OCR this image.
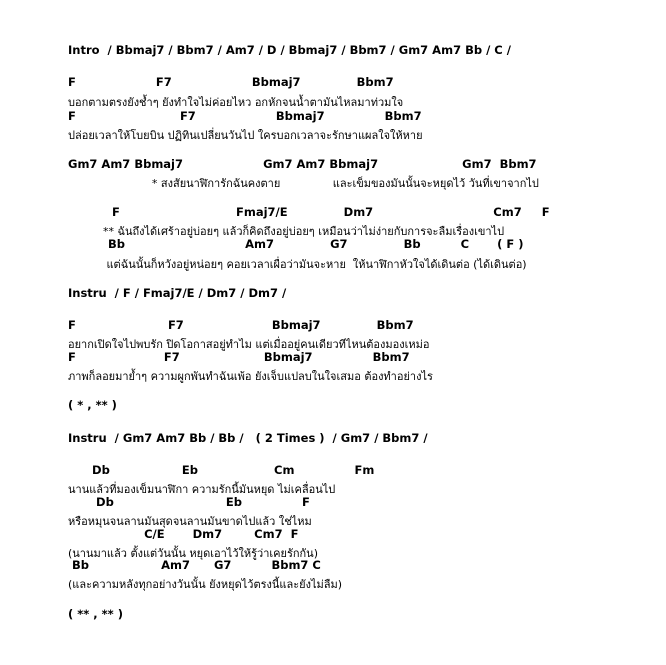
Intro  / Bbmaj7 / Bbm7 / Am7 / D / Bbmaj7 / Bbm7 / Gm7 Am7 Bb / C /
F                    F7                    Bbmaj7              Bbm7
บอกตามตรงยังช้ำๆ ยังทำใจไม่ค่อยไหว อกหักจนน้ำตามันไหลมาท่วมใจ
F                          F7                    Bbmaj7               Bbm7
ปล่อยเวลาให้โบยบิน ปฏิทินเปลี่ยนวันไป ใครบอกเวลาจะรักษาแผลใจให้หาย
Gm7 Am7 Bbmaj7                    Gm7 Am7 Bbmaj7                     Gm7  Bbm7
* สงสัยนาฬิการักฉันคงตาย               และเข็มของมันนั้นจะหยุดไว้ วันที่เขาจากไป
F                             Fmaj7/E              Dm7                              Cm7     F
** ฉันถึงได้เศร้าอยู่บ่อยๆ แล้วก็คิดถึงอยู่บ่อยๆ เหมือนว่าไม่ง่ายกับการจะลืมเรื่องเขาไป
Bb                              Am7              G7              Bb          C       ( F )
แต่ฉันนั้นก็หวังอยู่หน่อยๆ คอยเวลาเผื่อว่ามันจะหาย  ให้นาฬิกาหัวใจได้เดินต่อ (ได้เดินต่อ)
Instru  / F / Fmaj7/E / Dm7 / Dm7 /
F                       F7                      Bbmaj7              Bbm7
อยากเปิดใจไปพบรัก ปิดโอกาสอยู่ทำไม แต่เมื่ออยู่คนเดียวทีไหนต้องมองเหม่อ
F                      F7                     Bbmaj7               Bbm7
ภาพก็ลอยมาย้ำๆ ความผูกพันทำฉันเพ้อ ยังเจ็บแปลบในใจเสมอ ต้องทำอย่างไร
( * , ** )
Instru  / Gm7 Am7 Bb / Bb /   ( 2 Times )  / Gm7 / Bbm7 /
Db                  Eb                   Cm               Fm
นานแล้วที่มองเข็มนาฬิกา ความรักนี้มันหยุด ไม่เคลื่อนไป
Db                            Eb               F
หรือหมุนจนลานมันสุดจนลานมันขาดไปแล้ว ใช่ไหม
C/E       Dm7        Cm7  F
(นานมาแล้ว ตั้งแต่วันนั้น หยุดเอาไว้ให้รู้ว่าเคยรักกัน)
Bb                  Am7      G7          Bbm7 C
(และความหลังทุกอย่างวันนั้น ยังหยุดไว้ตรงนี้และยังไม่ลืม)
( ** , ** )
